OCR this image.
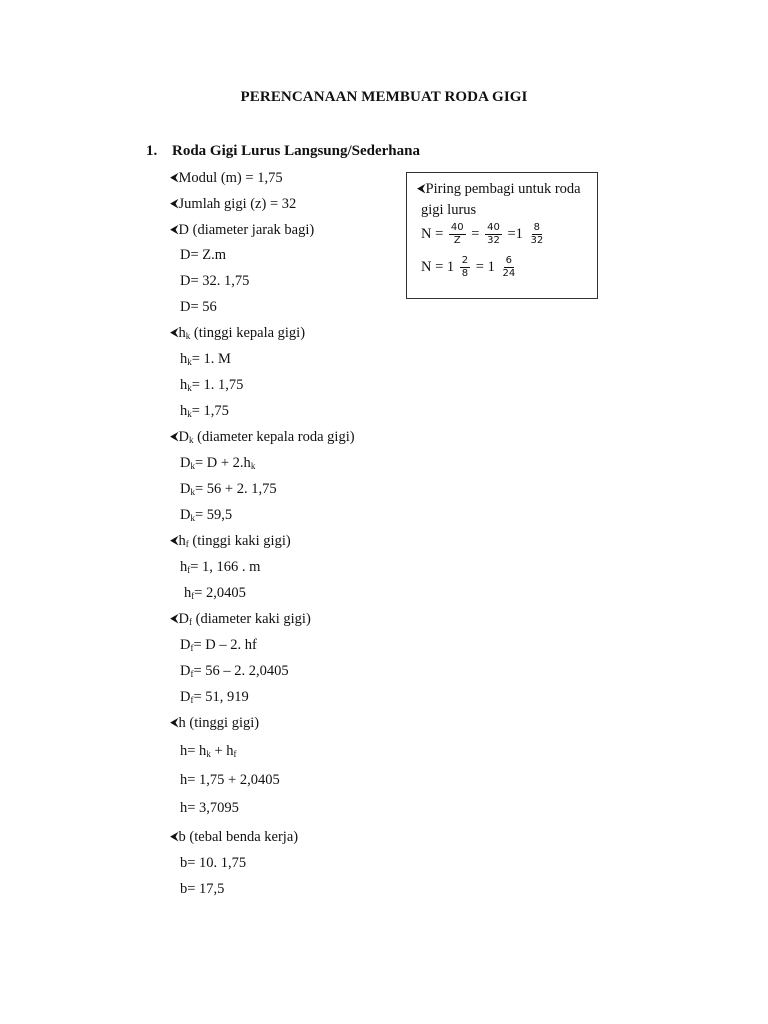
PERENCANAAN MEMBUAT RODA GIGI
1. Roda Gigi Lurus Langsung/Sederhana
⮜Modul (m) = 1,75
⮜Jumlah gigi (z) = 32
⮜D (diameter jarak bagi)
D= Z.m
D= 32. 1,75
D= 56
$⮜h_k$ (tinggi kepala gigi)
$h_k= 1$. M
$h_k= 1$. 1,75
$h_k= 1,75$
$⮜D_k$ (diameter kepala roda gigi)
$D_k= D + 2.h_k$
$D_k= 56 + 2$. 1,75
$D_k= 59,5$
$⮜h_f$ (tinggi kaki gigi)
$h_f= 1$, 166 . m
$h_f= 2,0405$
$⮜D_f$ (diameter kaki gigi)
$D_f= D - 2$. hf
$D_f= 56 - 2$. 2,0405
$D_f= 51$, 919
⮜h (tinggi gigi)
$h= h_k + h_f$
h= 1,75 + 2,0405
h= 3,7095
⮜b (tebal benda kerja)
b= 10. 1,75
b= 17,5
⮜Piring pembagi untuk roda
gigi lurus
$N = \frac{40}{Z} = \frac{40}{32} =1 \frac{8}{32}$
$N = 1 \frac{2}{8} = 1 \frac{6}{24}$
